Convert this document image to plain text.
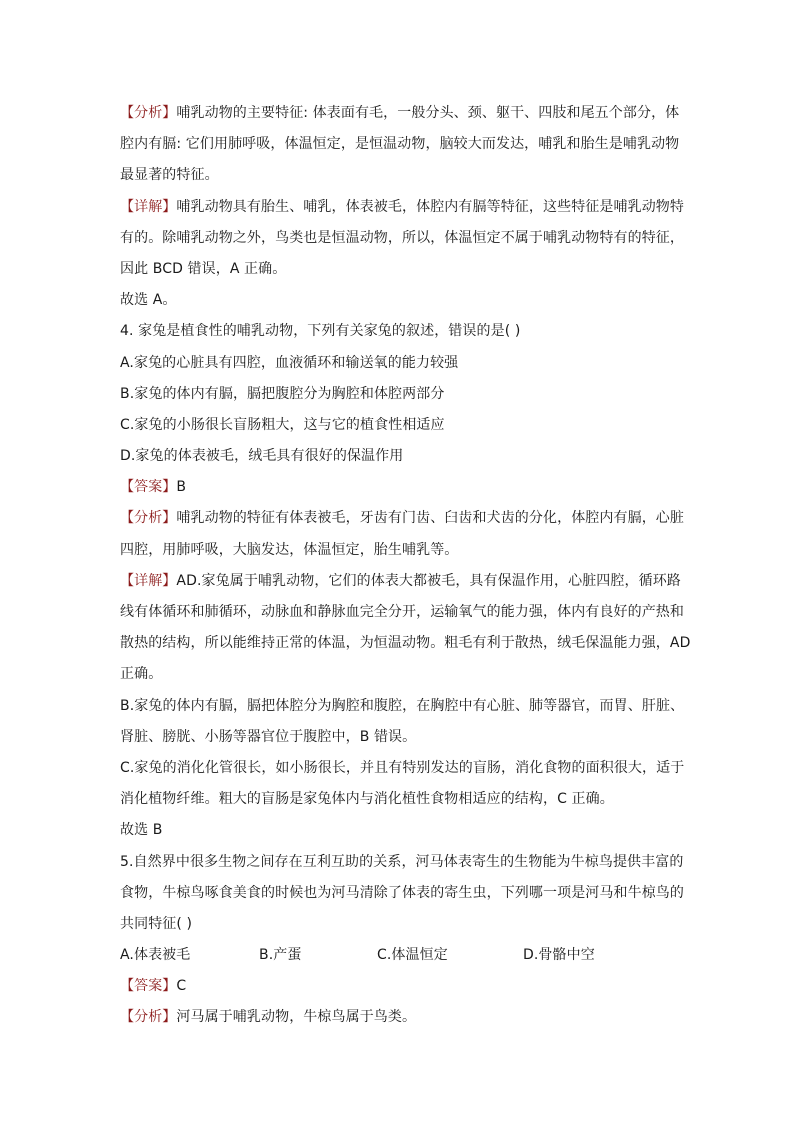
【分析】哺乳动物的主要特征: 体表面有毛，一般分头、颈、躯干、四肢和尾五个部分，体
腔内有膈: 它们用肺呼吸，体温恒定，是恒温动物，脑较大而发达，哺乳和胎生是哺乳动物
最显著的特征。
【详解】哺乳动物具有胎生、哺乳，体表被毛，体腔内有膈等特征，这些特征是哺乳动物特
有的。除哺乳动物之外，鸟类也是恒温动物，所以，体温恒定不属于哺乳动物特有的特征，
因此 BCD 错误，A 正确。
故选 A。
4. 家兔是植食性的哺乳动物，下列有关家兔的叙述，错误的是( )
A.家兔的心脏具有四腔，血液循环和输送氧的能力较强
B.家兔的体内有膈，膈把腹腔分为胸腔和体腔两部分
C.家兔的小肠很长盲肠粗大，这与它的植食性相适应
D.家兔的体表被毛，绒毛具有很好的保温作用
【答案】B
【分析】哺乳动物的特征有体表被毛，牙齿有门齿、臼齿和犬齿的分化，体腔内有膈，心脏
四腔，用肺呼吸，大脑发达，体温恒定，胎生哺乳等。
【详解】AD.家兔属于哺乳动物，它们的体表大都被毛，具有保温作用，心脏四腔，循环路
线有体循环和肺循环，动脉血和静脉血完全分开，运输氧气的能力强，体内有良好的产热和
散热的结构，所以能维持正常的体温，为恒温动物。粗毛有利于散热，绒毛保温能力强，AD
正确。
B.家兔的体内有膈，膈把体腔分为胸腔和腹腔，在胸腔中有心脏、肺等器官，而胃、肝脏、
肾脏、膀胱、小肠等器官位于腹腔中，B 错误。
C.家兔的消化化管很长，如小肠很长，并且有特别发达的盲肠，消化食物的面积很大，适于
消化植物纤维。粗大的盲肠是家兔体内与消化植性食物相适应的结构，C 正确。
故选 B
5.自然界中很多生物之间存在互利互助的关系，河马体表寄生的生物能为牛椋鸟提供丰富的
食物，牛椋鸟啄食美食的时候也为河马清除了体表的寄生虫，下列哪一项是河马和牛椋鸟的
共同特征( )
A.体表被毛	B.产蛋	C.体温恒定	D.骨骼中空
【答案】C
【分析】河马属于哺乳动物，牛椋鸟属于鸟类。
